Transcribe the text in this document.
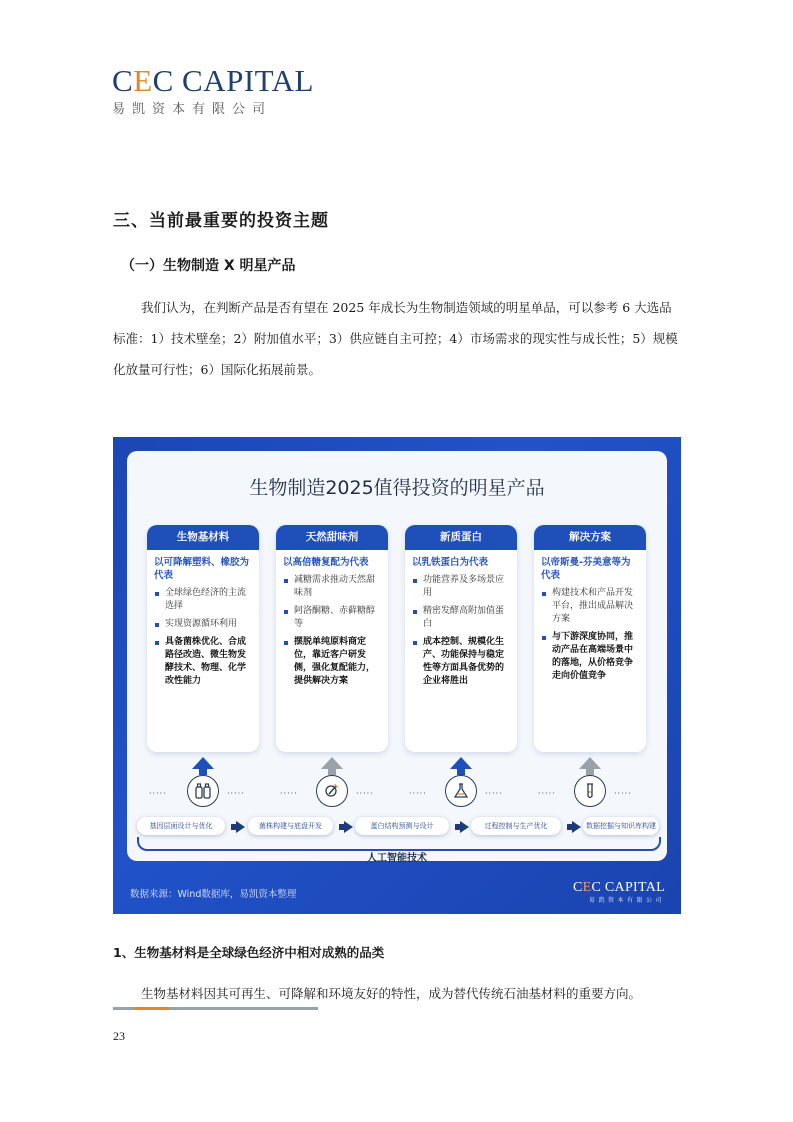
CEC CAPITAL
易凯资本有限公司
三、当前最重要的投资主题
（一）生物制造 X 明星产品
我们认为，在判断产品是否有望在 2025 年成长为生物制造领域的明星单品，可以参考 6 大选品标准：1）技术壁垒；2）附加值水平；3）供应链自主可控；4）市场需求的现实性与成长性；5）规模化放量可行性；6）国际化拓展前景。
生物制造2025值得投资的明星产品
生物基材料
以可降解塑料、橡胶为代表
全球绿色经济的主流选择
实现资源循环利用
具备菌株优化、合成路径改造、微生物发酵技术、物理、化学改性能力
天然甜味剂
以高倍糖复配为代表
减糖需求推动天然甜味剂
阿洛酮糖、赤藓糖醇等
摆脱单纯原料商定位，靠近客户研发侧，强化复配能力，提供解决方案
新质蛋白
以乳铁蛋白为代表
功能营养及多场景应用
精密发酵高附加值蛋白
成本控制、规模化生产、功能保持与稳定性等方面具备优势的企业将胜出
解决方案
以帝斯曼-芬美意等为代表
构建技术和产品开发平台，推出成品解决方案
与下游深度协同，推动产品在高端场景中的落地，从价格竞争走向价值竞争
·····	·····	·····	·····	·····	·····	·····	·····
基因层面设计与优化	菌株构建与底盘开发	蛋白结构预测与设计	过程控制与生产优化	数据挖掘与知识库构建
人工智能技术
数据来源：Wind数据库，易凯资本整理	CEC CAPITAL
易凯资本有限公司
1、生物基材料是全球绿色经济中相对成熟的品类
生物基材料因其可再生、可降解和环境友好的特性，成为替代传统石油基材料的重要方向。
23
